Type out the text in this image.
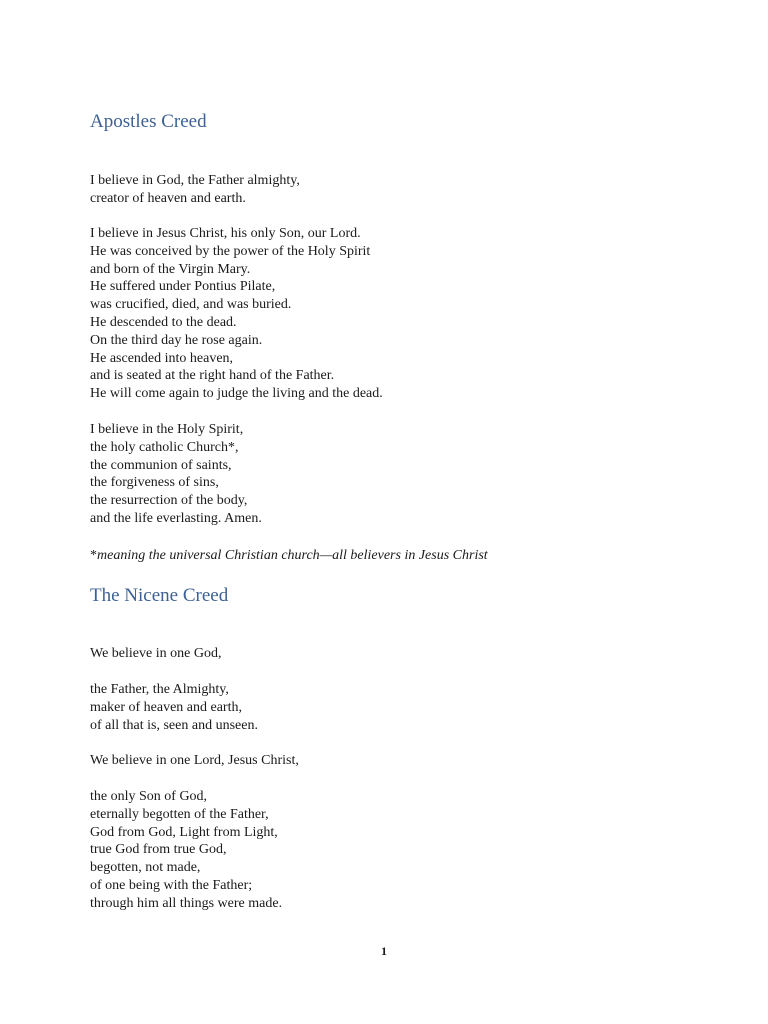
Apostles Creed

I believe in God, the Father almighty,
creator of heaven and earth.

I believe in Jesus Christ, his only Son, our Lord.
He was conceived by the power of the Holy Spirit
and born of the Virgin Mary.
He suffered under Pontius Pilate,
was crucified, died, and was buried.
He descended to the dead.
On the third day he rose again.
He ascended into heaven,
and is seated at the right hand of the Father.
He will come again to judge the living and the dead.

I believe in the Holy Spirit,
the holy catholic Church*,
the communion of saints,
the forgiveness of sins,
the resurrection of the body,
and the life everlasting. Amen.

*meaning the universal Christian church—all believers in Jesus Christ

The Nicene Creed

We believe in one God,

the Father, the Almighty,
maker of heaven and earth,
of all that is, seen and unseen.

We believe in one Lord, Jesus Christ,

the only Son of God,
eternally begotten of the Father,
God from God, Light from Light,
true God from true God,
begotten, not made,
of one being with the Father;
through him all things were made.

1
